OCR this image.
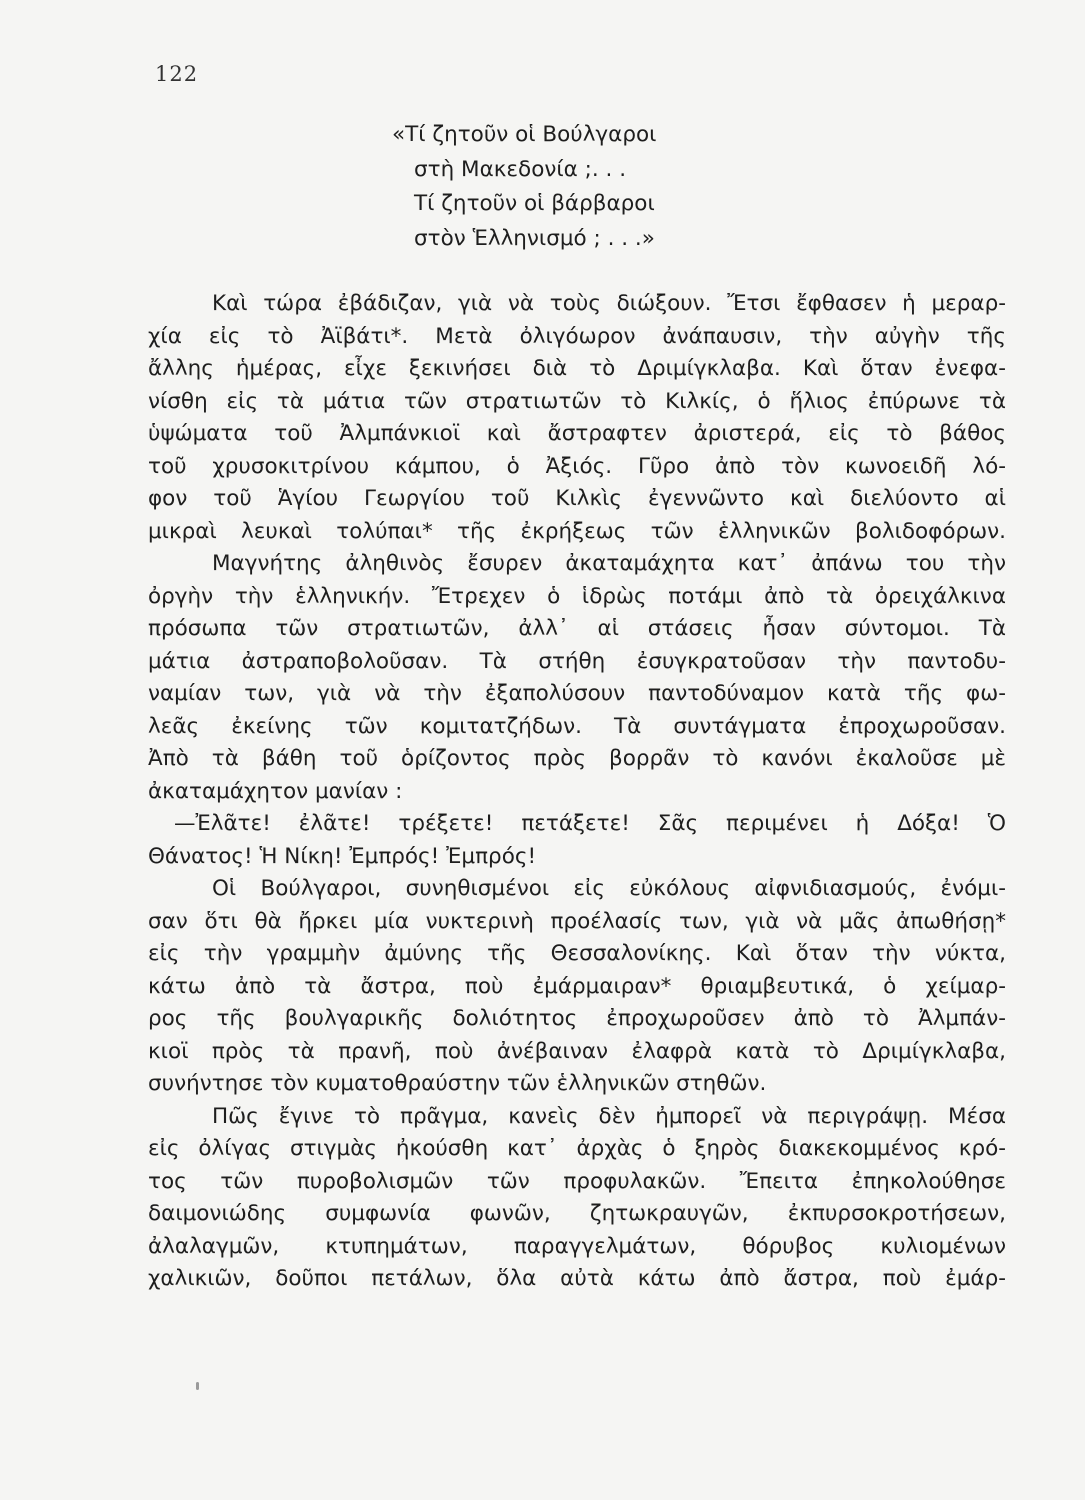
122
«Τί ζητοῦν οἱ Βούλγαροι
στὴ Μακεδονία ;. . .
Τί ζητοῦν οἱ βάρβαροι
στὸν Ἑλληνισμό ; . . .»
Καὶ τώρα ἐβάδιζαν, γιὰ νὰ τοὺς διώξουν. Ἔτσι ἔφθασεν ἡ μεραρ-
χία εἰς τὸ Ἀϊβάτι*. Μετὰ ὀλιγόωρον ἀνάπαυσιν, τὴν αὐγὴν τῆς
ἄλλης ἡμέρας, εἶχε ξεκινήσει διὰ τὸ Δριμίγκλαβα. Καὶ ὅταν ἐνεφα-
νίσθη εἰς τὰ μάτια τῶν στρατιωτῶν τὸ Κιλκίς, ὁ ἥλιος ἐπύρωνε τὰ
ὑψώματα τοῦ Ἀλμπάνκιοϊ καὶ ἄστραφτεν ἀριστερά, εἰς τὸ βάθος
τοῦ χρυσοκιτρίνου κάμπου, ὁ Ἀξιός. Γῦρο ἀπὸ τὸν κωνοειδῆ λό-
φον τοῦ Ἁγίου Γεωργίου τοῦ Κιλκὶς ἐγεννῶντο καὶ διελύοντο αἱ
μικραὶ λευκαὶ τολύπαι* τῆς ἐκρήξεως τῶν ἑλληνικῶν βολιδοφόρων.
Μαγνήτης ἀληθινὸς ἔσυρεν ἀκαταμάχητα κατ᾽ ἀπάνω του τὴν
ὀργὴν τὴν ἑλληνικήν. Ἔτρεχεν ὁ ἱδρὼς ποτάμι ἀπὸ τὰ ὀρειχάλκινα
πρόσωπα τῶν στρατιωτῶν, ἀλλ᾽ αἱ στάσεις ἦσαν σύντομοι. Τὰ
μάτια ἀστραποβολοῦσαν. Τὰ στήθη ἐσυγκρατοῦσαν τὴν παντοδυ-
ναμίαν των, γιὰ νὰ τὴν ἐξαπολύσουν παντοδύναμον κατὰ τῆς φω-
λεᾶς ἐκείνης τῶν κομιτατζήδων. Τὰ συντάγματα ἐπροχωροῦσαν.
Ἀπὸ τὰ βάθη τοῦ ὁρίζοντος πρὸς βορρᾶν τὸ κανόνι ἐκαλοῦσε μὲ
ἀκαταμάχητον μανίαν :
—Ἐλᾶτε! ἐλᾶτε! τρέξετε! πετάξετε! Σᾶς περιμένει ἡ Δόξα! Ὁ
Θάνατος! Ἡ Νίκη! Ἐμπρός! Ἐμπρός!
Οἱ Βούλγαροι, συνηθισμένοι εἰς εὐκόλους αἰφνιδιασμούς, ἐνόμι-
σαν ὅτι θὰ ἤρκει μία νυκτερινὴ προέλασίς των, γιὰ νὰ μᾶς ἀπωθήσῃ*
εἰς τὴν γραμμὴν ἀμύνης τῆς Θεσσαλονίκης. Καὶ ὅταν τὴν νύκτα,
κάτω ἀπὸ τὰ ἄστρα, ποὺ ἐμάρμαιραν* θριαμβευτικά, ὁ χείμαρ-
ρος τῆς βουλγαρικῆς δολιότητος ἐπροχωροῦσεν ἀπὸ τὸ Ἀλμπάν-
κιοϊ πρὸς τὰ πρανῆ, ποὺ ἀνέβαιναν ἐλαφρὰ κατὰ τὸ Δριμίγκλαβα,
συνήντησε τὸν κυματοθραύστην τῶν ἑλληνικῶν στηθῶν.
Πῶς ἔγινε τὸ πρᾶγμα, κανεὶς δὲν ἠμπορεῖ νὰ περιγράψῃ. Μέσα
εἰς ὀλίγας στιγμὰς ἠκούσθη κατ᾽ ἀρχὰς ὁ ξηρὸς διακεκομμένος κρό-
τος τῶν πυροβολισμῶν τῶν προφυλακῶν. Ἔπειτα ἐπηκολούθησε
δαιμονιώδης συμφωνία φωνῶν, ζητωκραυγῶν, ἐκπυρσοκροτήσεων,
ἀλαλαγμῶν, κτυπημάτων, παραγγελμάτων, θόρυβος κυλιομένων
χαλικιῶν, δοῦποι πετάλων, ὅλα αὐτὰ κάτω ἀπὸ ἄστρα, ποὺ ἐμάρ-
